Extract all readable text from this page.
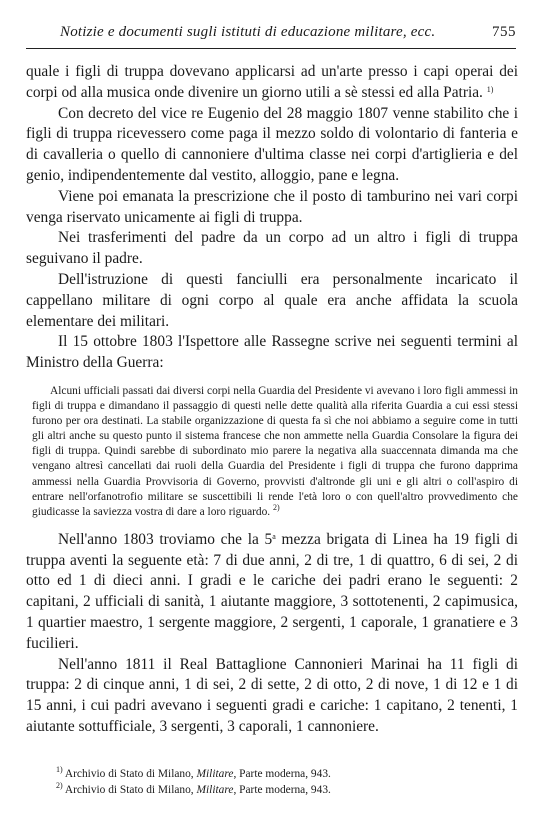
Notizie e documenti sugli istituti di educazione militare, ecc.	755

quale i figli di truppa dovevano applicarsi ad un'arte presso i capi operai dei corpi od alla musica onde divenire un giorno utili a sè stessi ed alla Patria. $^{1)}$

Con decreto del vice re Eugenio del 28 maggio 1807 venne stabilito che i figli di truppa ricevessero come paga il mezzo soldo di volontario di fanteria e di cavalleria o quello di cannoniere d'ultima classe nei corpi d'artiglieria e del genio, indipendentemente dal vestito, alloggio, pane e legna.

Viene poi emanata la prescrizione che il posto di tamburino nei vari corpi venga riservato unicamente ai figli di truppa.

Nei trasferimenti del padre da un corpo ad un altro i figli di truppa seguivano il padre.

Dell'istruzione di questi fanciulli era personalmente incaricato il cappellano militare di ogni corpo al quale era anche affidata la scuola elementare dei militari.

Il 15 ottobre 1803 l'Ispettore alle Rassegne scrive nei seguenti termini al Ministro della Guerra:

Alcuni ufficiali passati dai diversi corpi nella Guardia del Presidente vi avevano i loro figli ammessi in figli di truppa e dimandano il passaggio di questi nelle dette qualità alla riferita Guardia a cui essi stessi furono per ora destinati. La stabile organizzazione di questa fa sì che noi abbiamo a seguire come in tutti gli altri anche su questo punto il sistema francese che non ammette nella Guardia Consolare la figura dei figli di truppa. Quindi sarebbe di subordinato mio parere la negativa alla suaccennata dimanda ma che vengano altresì cancellati dai ruoli della Guardia del Presidente i figli di truppa che furono dapprima ammessi nella Guardia Provvisoria di Governo, provvisti d'altronde gli uni e gli altri o coll'aspiro di entrare nell'orfanotrofio militare se suscettibili li rende l'età loro o con quell'altro provvedimento che giudicasse la saviezza vostra di dare a loro riguardo. $^{2)}$

Nell'anno 1803 troviamo che la 5$^a$ mezza brigata di Linea ha 19 figli di truppa aventi la seguente età: 7 di due anni, 2 di tre, 1 di quattro, 6 di sei, 2 di otto ed 1 di dieci anni. I gradi e le cariche dei padri erano le seguenti: 2 capitani, 2 ufficiali di sanità, 1 aiutante maggiore, 3 sottotenenti, 2 capimusica, 1 quartier maestro, 1 sergente maggiore, 2 sergenti, 1 caporale, 1 granatiere e 3 fucilieri.

Nell'anno 1811 il Real Battaglione Cannonieri Marinai ha 11 figli di truppa: 2 di cinque anni, 1 di sei, 2 di sette, 2 di otto, 2 di nove, 1 di 12 e 1 di 15 anni, i cui padri avevano i seguenti gradi e cariche: 1 capitano, 2 tenenti, 1 aiutante sottufficiale, 3 sergenti, 3 caporali, 1 cannoniere.

$^{1)}$ Archivio di Stato di Milano, Militare, Parte moderna, 943.

$^{2)}$ Archivio di Stato di Milano, Militare, Parte moderna, 943.
